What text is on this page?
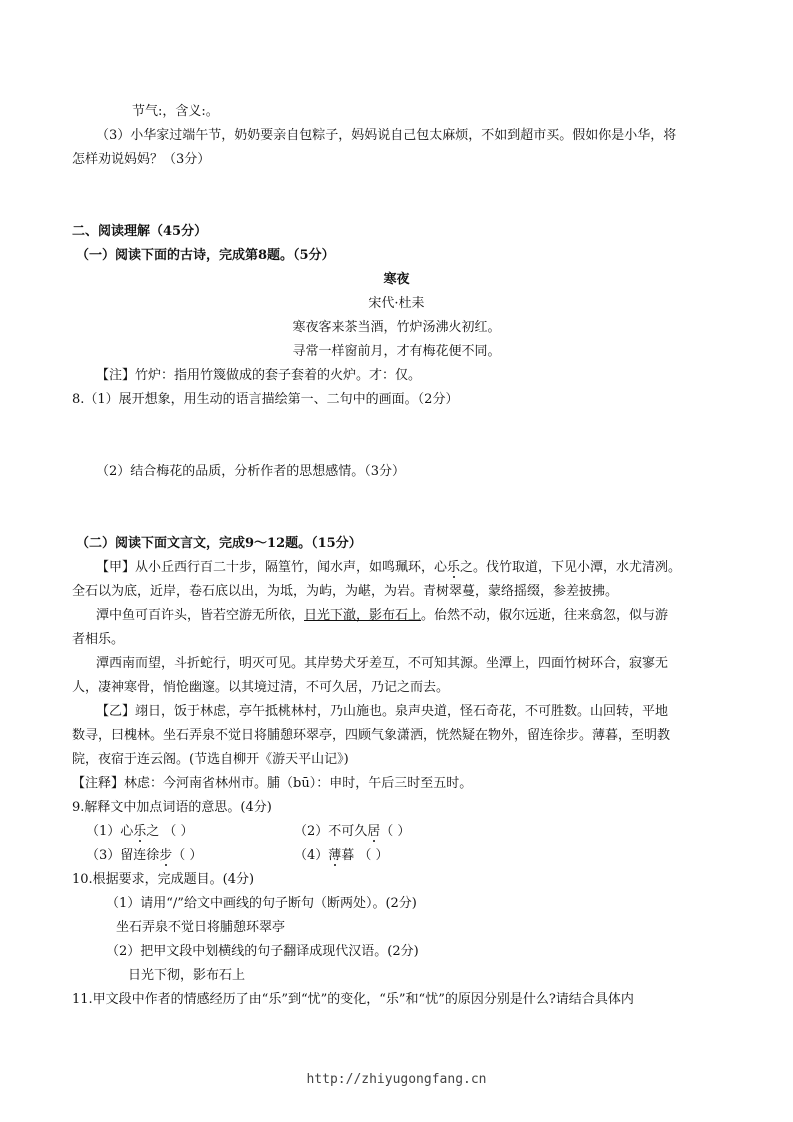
节气:，含义:。
（3）小华家过端午节，奶奶要亲自包粽子，妈妈说自己包太麻烦，不如到超市买。假如你是小华，将
怎样劝说妈妈？（3分）
二、阅读理解（45分）
（一）阅读下面的古诗，完成第8题。（5分）
寒夜
宋代·杜耒
寒夜客来茶当酒，竹炉汤沸火初红。
寻常一样窗前月，才有梅花便不同。
【注】竹炉：指用竹篾做成的套子套着的火炉。才：仅。
8.（1）展开想象，用生动的语言描绘第一、二句中的画面。（2分）
（2）结合梅花的品质，分析作者的思想感情。（3分）
（二）阅读下面文言文，完成9～12题。（15分）
【甲】从小丘西行百二十步，隔篁竹，闻水声，如鸣珮环，心乐之。伐竹取道，下见小潭，水尤清冽。
全石以为底，近岸，卷石底以出，为坻，为屿，为嵁，为岩。青树翠蔓，蒙络摇缀，参差披拂。
潭中鱼可百许头，皆若空游无所依，日光下澈，影布石上。佁然不动，俶尔远逝，往来翕忽，似与游
者相乐。
潭西南而望，斗折蛇行，明灭可见。其岸势犬牙差互，不可知其源。坐潭上，四面竹树环合，寂寥无
人，凄神寒骨，悄怆幽邃。以其境过清，不可久居，乃记之而去。
【乙】翊日，饭于林虑，亭午抵桃林村，乃山施也。泉声央道，怪石奇花，不可胜数。山回转，平地
数寻，曰槐林。坐石弄泉不觉日将脯憩环翠亭，四顾气象潇洒，恍然疑在物外，留连徐步。薄暮，至明教
院，夜宿于连云阁。(节选自柳开《游天平山记》)
【注释】林虑：今河南省林州市。脯（bū）：申时，午后三时至五时。
9.解释文中加点词语的意思。(4分)
（1）心乐之 （ ）	（2）不可久居（ ）
（3）留连徐步（ ）	（4）薄暮 （ ）
10.根据要求，完成题目。(4分)
（1）请用“/”给文中画线的句子断句（断两处）。(2分)
坐石弄泉不觉日将脯憩环翠亭
（2）把甲文段中划横线的句子翻译成现代汉语。(2分)
日光下彻，影布石上
11.甲文段中作者的情感经历了由“乐”到“忧”的变化，“乐”和“忧”的原因分别是什么?请结合具体内
http://zhiyugongfang.cn
